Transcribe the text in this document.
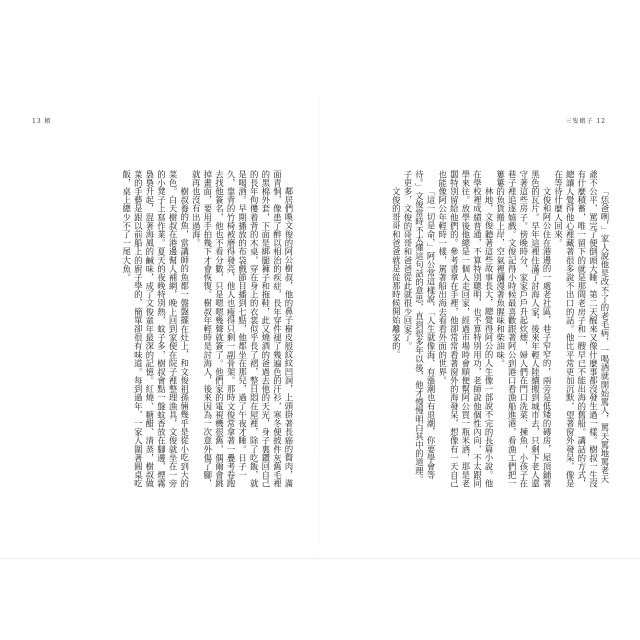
13 蝦

鄰居們喚文俊的阿公樹叔，他的鼻子樹皮般紋紋凹洞，上頭掛著長癌的贅肉，滿面青恫，像患了醉以相治的疾症，長年穿件褪了幾遍色的汗衫，寒冬便披件灰舊毛裡的黑棉外套，下面是綁腿褲子和拖鞋，此又燒酒的爸過去他的天光，身子裏鑽回自己的長年佝僂着背的木桌，穿在身上的衣裳似乎長了褶，整日悶在屋裡，除了吃飯，就是喝酒。早期播放的布袋戲節目播到七點，他都坐在那兒，過了午夜才睡。日子一久，靠背的竹椅被磨得發亮，他人也瘦得只剩一副骨架。那時文俊常拿著一疊考卷跑去找他簽名，他也不看分數，只是嗯嗯幾聲就簽了。他們家的電視機很舊，偶爾會跳掉畫面，要用手拍幾下才會恢復。樹叔年輕時是討海人，後來因為一次意外傷了腳，就再也沒有出過海。

樹叔養的魚，當講師的魚都一盤盤擺在灶上，和文俊祖孫倆幾乎是從小吃到大的菜色。白天樹叔在港邊幫人補網，晚上回到家便在院子裡整理漁具，文俊就坐在一旁的小凳子上寫作業。夏天的夜晚特別熱，蚊子多，樹叔會點一盤蚊香放在腳邊，煙霧裊裊升起，混著海風的鹹味，成了文俊童年最深的記憶。紅燒、糖醋、清蒸，樹叔做菜的手藝是跟以前船上的廚子學的，簡單卻很有味道。每到過年，一家人圍著圓桌吃飯，桌上總少不了一尾大魚。

三隻蝦子 12

「恁爸咧，」家人說他是改不了的老毛病，一喝酒就開始罵人，罵天罵地罵老天爺不公平，罵完了便倒頭大睡，第二天醒來又像什麼事都沒發生過一樣。樹叔一生沒有什麼積蓄，唯一留下的就是那間老房子和一艘早已不能出海的舊船。講話的方式，總讓人覺得他心裡藏著很多說不出口的話。他比平常更加沉默，望著窗外發呆，像是在等待什麼人回來。

文俊和阿公住在港邊的一處老社區，巷子窄窄的，兩旁是低矮的磚房，屋頂鋪著黑色的瓦片。早年這裡住滿了討海人家，後來年輕人陸續搬到城市去，只剩下老人還守著這些房子。傍晚時分，家家戶戶升起炊煙，婦人們在門口洗菜、揀魚，小孩子在巷子裡追逐嬉戲。文俊記得小時候最喜歡跟著阿公到港口看漁船進港，看漁工們把一簍簍的魚貨搬上岸，空氣裡瀰漫著魚腥味和柴油味。

林地，文俊聽著這些故事長大，總覺得阿公的人生像一部說不完的長篇小說。他在學校裡成績普通，不算特別聰明，也不算特別用功，老師說他個性內向，不太跟同學來往。放學後他總是一個人走回家，經過市場時會順便幫阿公買一瓶米酒，那是老闆特別留給他們的。參考書拿在手裡，他卻常常看著窗外的海發呆，想像有一天自己也能像阿公年輕時一樣，駕著船出海去看看外面的世界。

「這一切是命，」阿公常這樣說，「人生就像海，有漲潮也有退潮，你要學會等待。」文俊當時不太懂這句話的意思，直到很多年以後，他才慢慢明白其中的道理。子更多，文俊的哥哥和爸爸從此就很少回家了。

文俊的哥哥和爸爸就是從那時候開始離家的。
